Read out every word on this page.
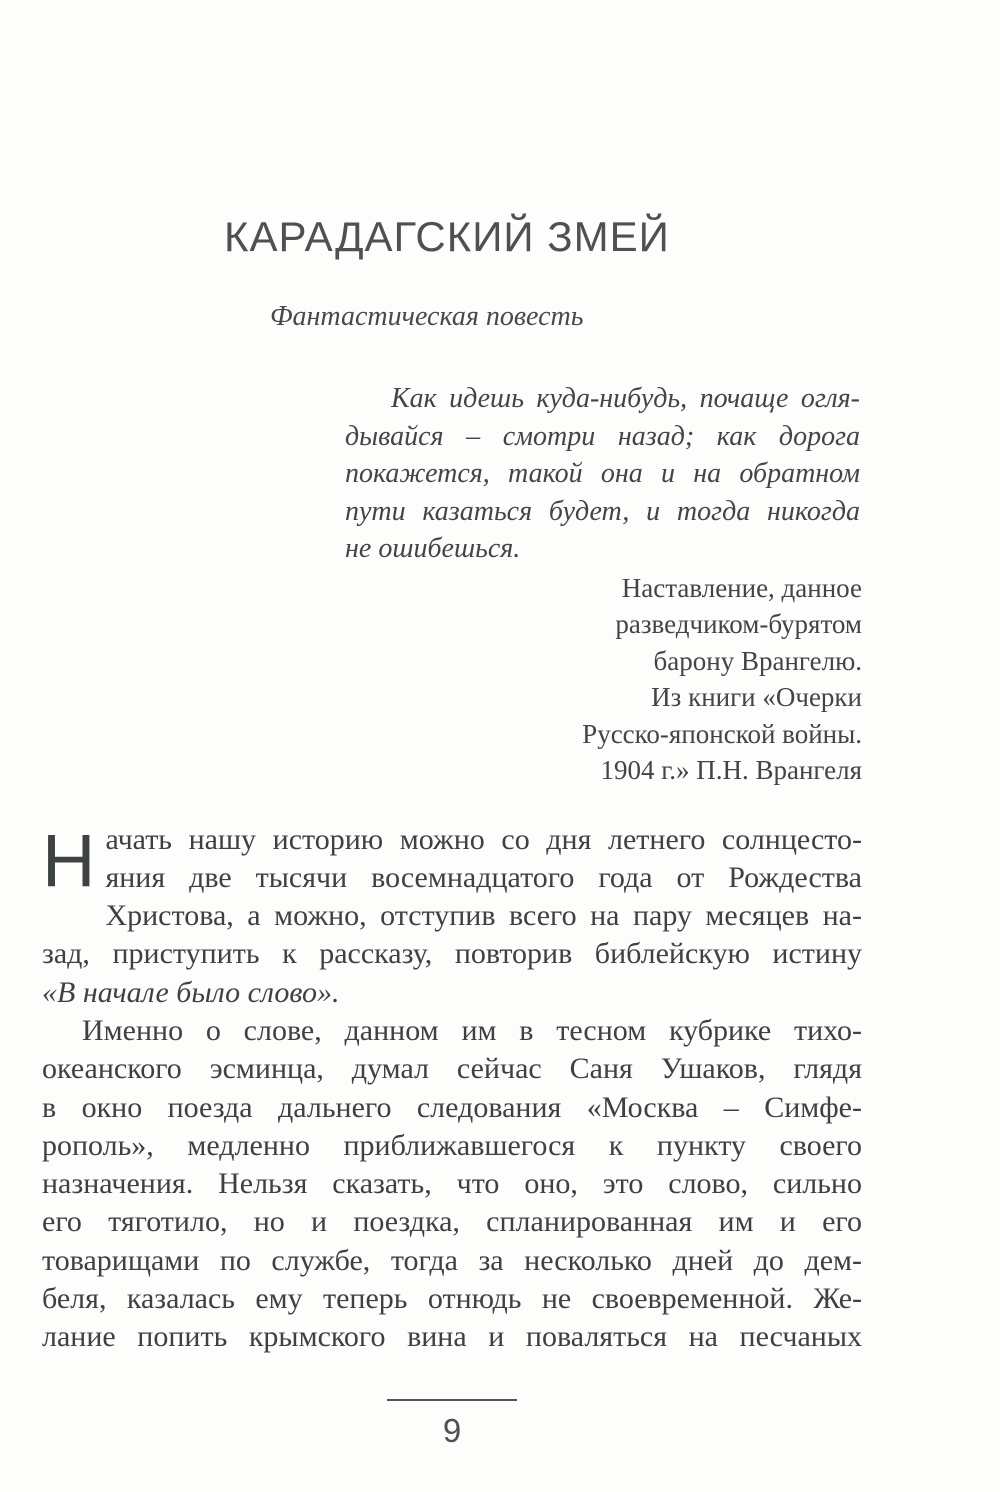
КАРАДАГСКИЙ ЗМЕЙ
Фантастическая повесть
Как идешь куда-нибудь, почаще огля-
дывайся – смотри назад; как дорога
покажется, такой она и на обратном
пути казаться будет, и тогда никогда
не ошибешься.
Наставление, данное
разведчиком-бурятом
барону Врангелю.
Из книги «Очерки
Русско-японской войны.
1904 г.» П.Н. Врангеля
Н ачать нашу историю можно со дня летнего солнцесто-
яния две тысячи восемнадцатого года от Рождества
Христова, а можно, отступив всего на пару месяцев на-
зад, приступить к рассказу, повторив библейскую истину
«В начале было слово».
Именно о слове, данном им в тесном кубрике тихо-
океанского эсминца, думал сейчас Саня Ушаков, глядя
в окно поезда дальнего следования «Москва – Симфе-
рополь», медленно приближавшегося к пункту своего
назначения. Нельзя сказать, что оно, это слово, сильно
его тяготило, но и поездка, спланированная им и его
товарищами по службе, тогда за несколько дней до дем-
беля, казалась ему теперь отнюдь не своевременной. Же-
лание попить крымского вина и поваляться на песчаных
9
